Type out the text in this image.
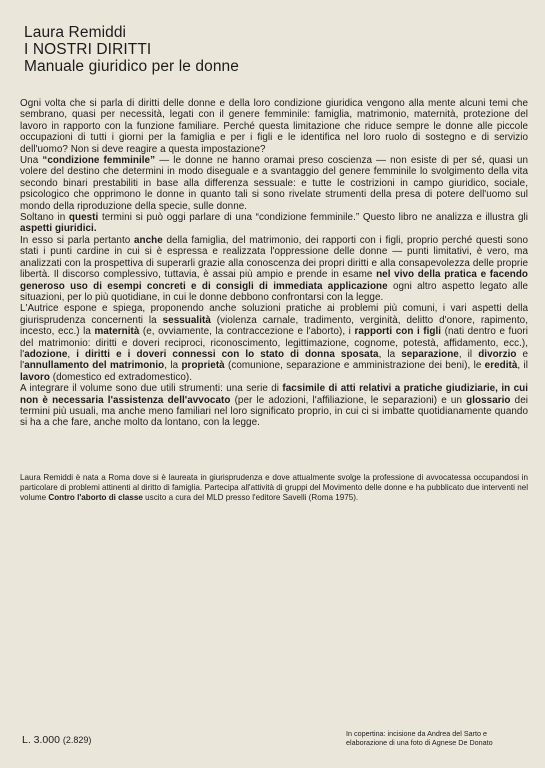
Laura Remiddi
I NOSTRI DIRITTI
Manuale giuridico per le donne

Ogni volta che si parla di diritti delle donne e della loro condizione giuridica vengono alla mente alcuni temi che sembrano, quasi per necessità, legati con il genere femminile: famiglia, matrimonio, maternità, protezione del lavoro in rapporto con la funzione familiare. Perché questa limitazione che riduce sempre le donne alle piccole occupazioni di tutti i giorni per la famiglia e per i figli e le identifica nel loro ruolo di sostegno e di servizio dell'uomo? Non si deve reagire a questa impostazione?

Una “condizione femminile” — le donne ne hanno oramai preso coscienza — non esiste di per sé, quasi un volere del destino che determini in modo diseguale e a svantaggio del genere femminile lo svolgimento della vita secondo binari prestabiliti in base alla differenza sessuale: e tutte le costrizioni in campo giuridico, sociale, psicologico che opprimono le donne in quanto tali si sono rivelate strumenti della presa di potere dell'uomo sul mondo della riproduzione della specie, sulle donne.

Soltano in questi termini si può oggi parlare di una “condizione femminile.” Questo libro ne analizza e illustra gli aspetti giuridici.

In esso si parla pertanto anche della famiglia, del matrimonio, dei rapporti con i figli, proprio perché questi sono stati i punti cardine in cui si è espressa e realizzata l'oppressione delle donne — punti limitativi, è vero, ma analizzati con la prospettiva di superarli grazie alla conoscenza dei propri diritti e alla consapevolezza delle proprie libertà. Il discorso complessivo, tuttavia, è assai più ampio e prende in esame nel vivo della pratica e facendo generoso uso di esempi concreti e di consigli di immediata applicazione ogni altro aspetto legato alle situazioni, per lo più quotidiane, in cui le donne debbono confrontarsi con la legge.

L'Autrice espone e spiega, proponendo anche soluzioni pratiche ai problemi più comuni, i vari aspetti della giurisprudenza concernenti la sessualità (violenza carnale, tradimento, verginità, delitto d'onore, rapimento, incesto, ecc.) la maternità (e, ovviamente, la contraccezione e l'aborto), i rapporti con i figli (nati dentro e fuori del matrimonio: diritti e doveri reciproci, riconoscimento, legittimazione, cognome, potestà, affidamento, ecc.), l'adozione, i diritti e i doveri connessi con lo stato di donna sposata, la separazione, il divorzio e l'annullamento del matrimonio, la proprietà (comunione, separazione e amministrazione dei beni), le eredità, il lavoro (domestico ed extradomestico).

A integrare il volume sono due utili strumenti: una serie di facsimile di atti relativi a pratiche giudiziarie, in cui non è necessaria l'assistenza dell'avvocato (per le adozioni, l'affiliazione, le separazioni) e un glossario dei termini più usuali, ma anche meno familiari nel loro significato proprio, in cui ci si imbatte quotidianamente quando si ha a che fare, anche molto da lontano, con la legge.

Laura Remiddi è nata a Roma dove si è laureata in giurisprudenza e dove attualmente svolge la professione di avvocatessa occupandosi in particolare di problemi attinenti al diritto di famiglia. Partecipa all'attività di gruppi del Movimento delle donne e ha pubblicato due interventi nel volume Contro l'aborto di classe uscito a cura del MLD presso l'editore Savelli (Roma 1975).
L. 3.000 (2.829)
In copertina: incisione da Andrea del Sarto e
elaborazione di una foto di Agnese De Donato
